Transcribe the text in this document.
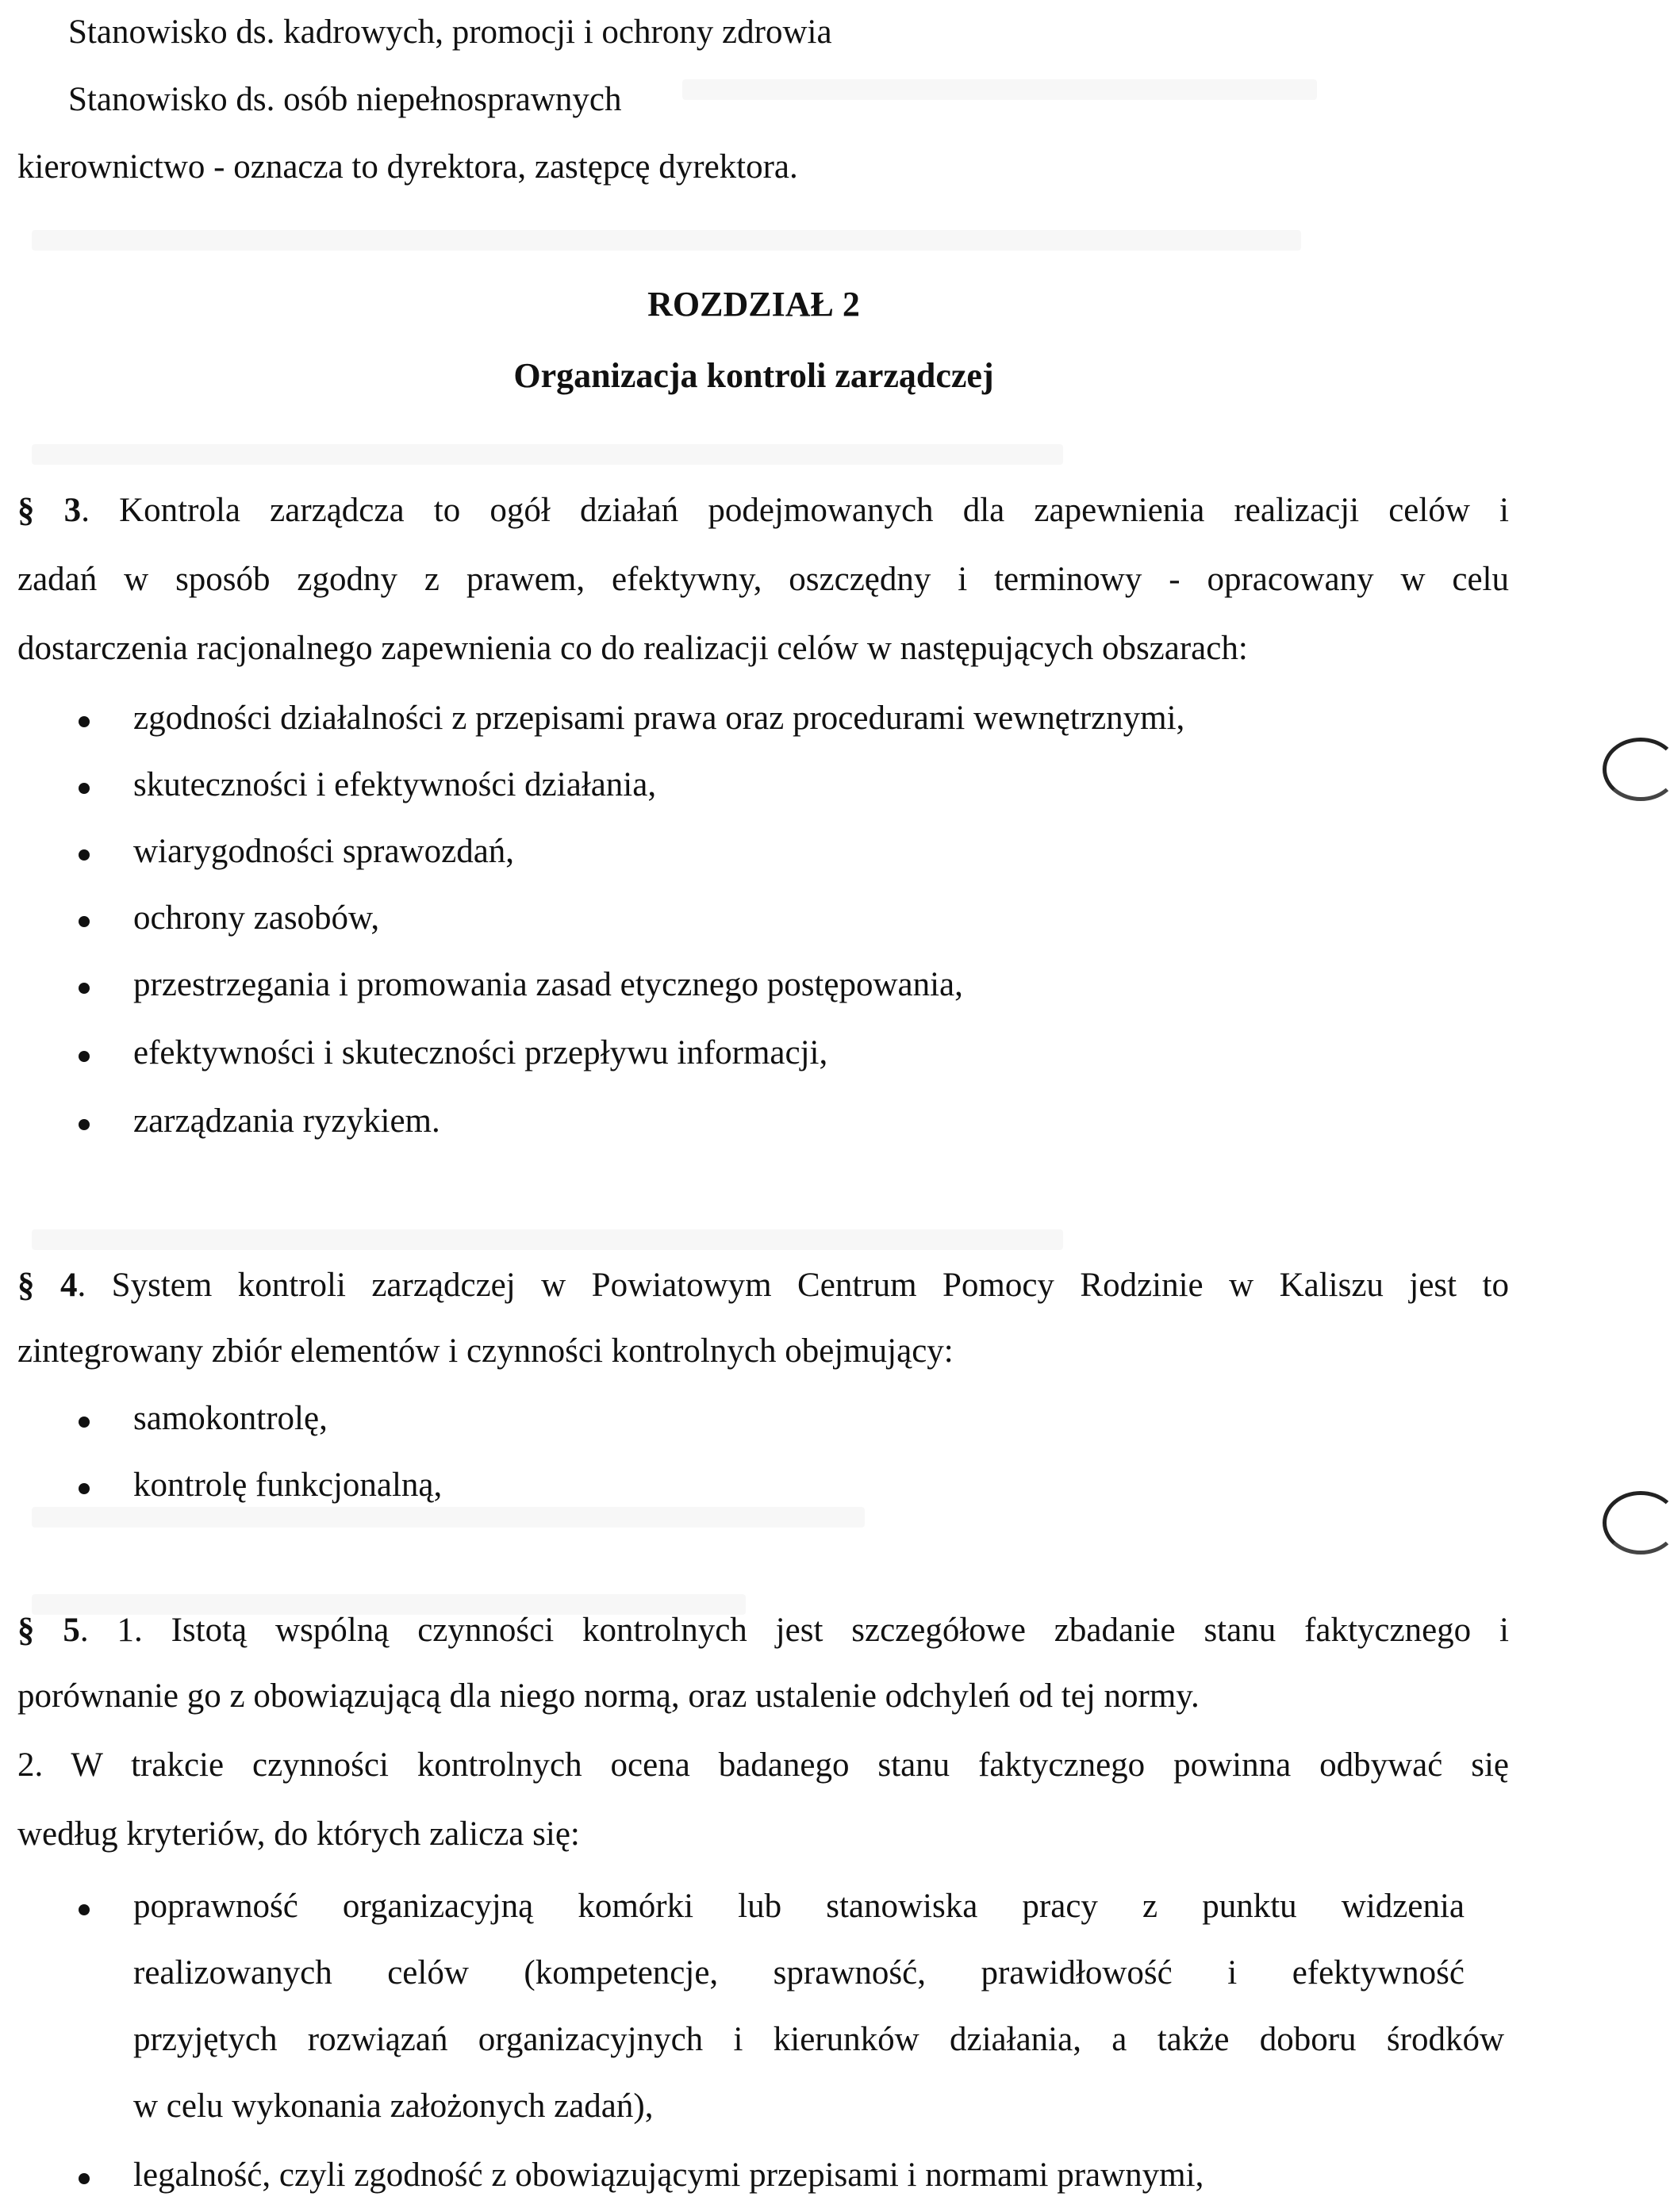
Stanowisko ds. kadrowych, promocji i ochrony zdrowia
Stanowisko ds. osób niepełnosprawnych
kierownictwo - oznacza to dyrektora, zastępcę dyrektora.
ROZDZIAŁ 2
Organizacja kontroli zarządczej
§ 3. Kontrola zarządcza to ogół działań podejmowanych dla zapewnienia realizacji celów i
zadań w sposób zgodny z prawem, efektywny, oszczędny i terminowy - opracowany w celu
dostarczenia racjonalnego zapewnienia co do realizacji celów w następujących obszarach:
zgodności działalności z przepisami prawa oraz procedurami wewnętrznymi,
skuteczności i efektywności działania,
wiarygodności sprawozdań,
ochrony zasobów,
przestrzegania i promowania zasad etycznego postępowania,
efektywności i skuteczności przepływu informacji,
zarządzania ryzykiem.
§ 4. System kontroli zarządczej w Powiatowym Centrum Pomocy Rodzinie w Kaliszu jest to
zintegrowany zbiór elementów i czynności kontrolnych obejmujący:
samokontrolę,
kontrolę funkcjonalną,
§ 5. 1. Istotą wspólną czynności kontrolnych jest szczegółowe zbadanie stanu faktycznego i
porównanie go z obowiązującą dla niego normą, oraz ustalenie odchyleń od tej normy.
2. W trakcie czynności kontrolnych ocena badanego stanu faktycznego powinna odbywać się
według kryteriów, do których zalicza się:
poprawność organizacyjną komórki lub stanowiska pracy z punktu widzenia
realizowanych celów (kompetencje, sprawność, prawidłowość i efektywność
przyjętych rozwiązań organizacyjnych i kierunków działania, a także doboru środków
w celu wykonania założonych zadań),
legalność, czyli zgodność z obowiązującymi przepisami i normami prawnymi,
